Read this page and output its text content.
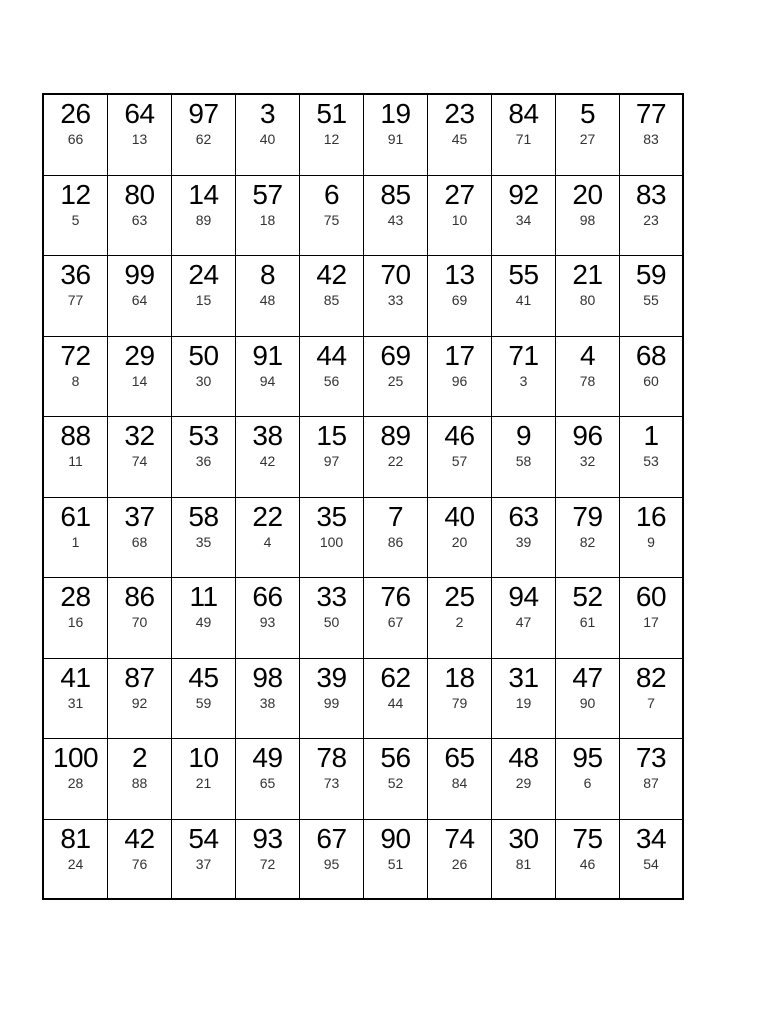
26
66
64
13
97
62
3
40
51
12
19
91
23
45
84
71
5
27
77
83
12
5
80
63
14
89
57
18
6
75
85
43
27
10
92
34
20
98
83
23
36
77
99
64
24
15
8
48
42
85
70
33
13
69
55
41
21
80
59
55
72
8
29
14
50
30
91
94
44
56
69
25
17
96
71
3
4
78
68
60
88
11
32
74
53
36
38
42
15
97
89
22
46
57
9
58
96
32
1
53
61
1
37
68
58
35
22
4
35
100
7
86
40
20
63
39
79
82
16
9
28
16
86
70
11
49
66
93
33
50
76
67
25
2
94
47
52
61
60
17
41
31
87
92
45
59
98
38
39
99
62
44
18
79
31
19
47
90
82
7
100
28
2
88
10
21
49
65
78
73
56
52
65
84
48
29
95
6
73
87
81
24
42
76
54
37
93
72
67
95
90
51
74
26
30
81
75
46
34
54
